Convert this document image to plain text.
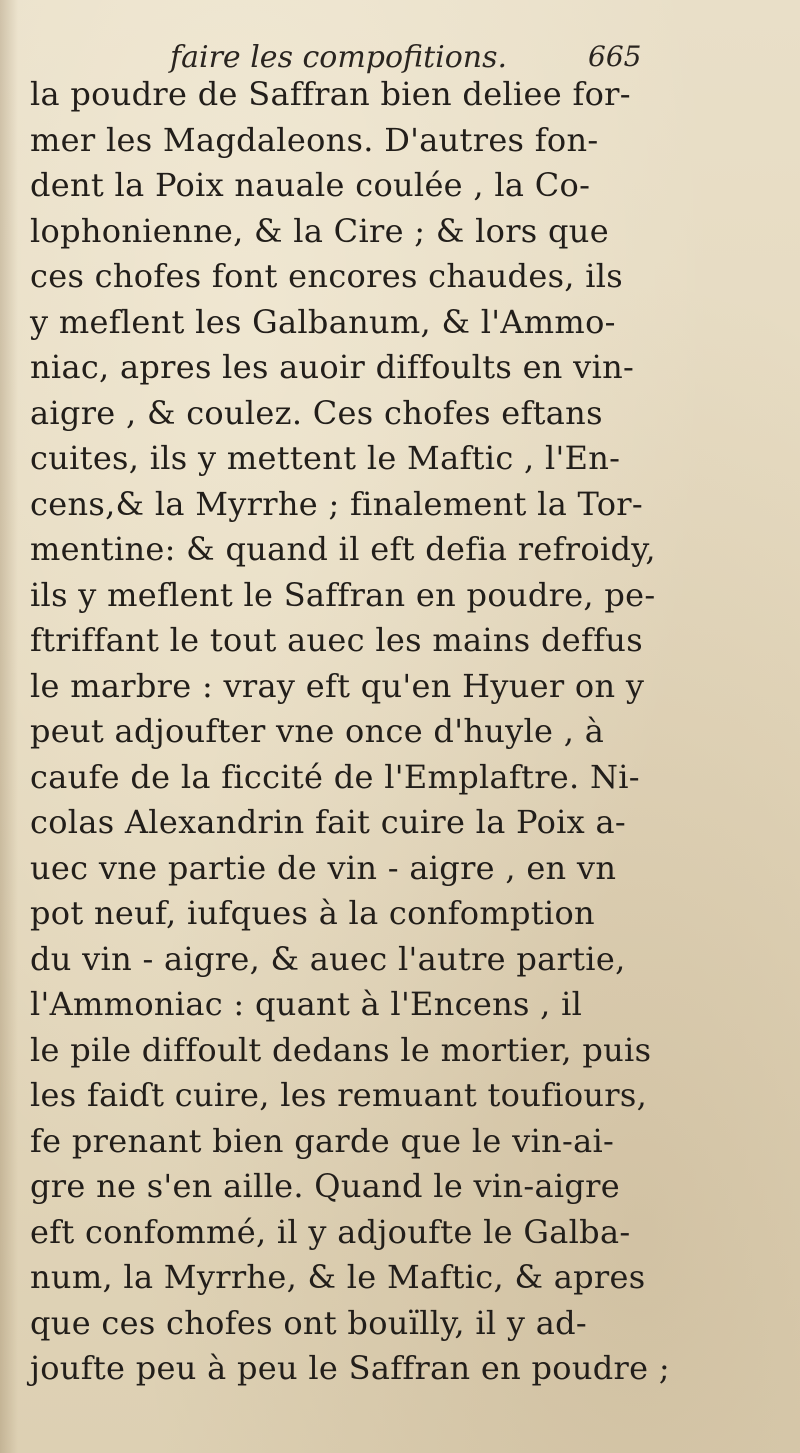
faire les compofitions.	665
la poudre de Saffran bien deliee for-
mer les Magdaleons. D'autres fon-
dent la Poix nauale coulée , la Co-
lophonienne, & la Cire ; & lors que
ces chofes font encores chaudes, ils
y meflent les Galbanum, & l'Ammo-
niac, apres les auoir diffoults en vin-
aigre , & coulez. Ces chofes eftans
cuites, ils y mettent le Maftic , l'En-
cens,& la Myrrhe ; finalement la Tor-
mentine: & quand il eft defia refroidy,
ils y meflent le Saffran en poudre, pe-
ftriffant le tout auec les mains deffus
le marbre : vray eft qu'en Hyuer on y
peut adjoufter vne once d'huyle , à
caufe de la ficcité de l'Emplaftre. Ni-
colas Alexandrin fait cuire la Poix a-
uec vne partie de vin - aigre , en vn
pot neuf, iufques à la confomption
du vin - aigre, & auec l'autre partie,
l'Ammoniac : quant à l'Encens , il
le pile diffoult dedans le mortier, puis
les faiɗt cuire, les remuant toufiours,
fe prenant bien garde que le vin-ai-
gre ne s'en aille. Quand le vin-aigre
eft confommé, il y adjoufte le Galba-
num, la Myrrhe, & le Maftic, & apres
que ces chofes ont bouïlly, il y ad-
joufte peu à peu le Saffran en poudre ;
